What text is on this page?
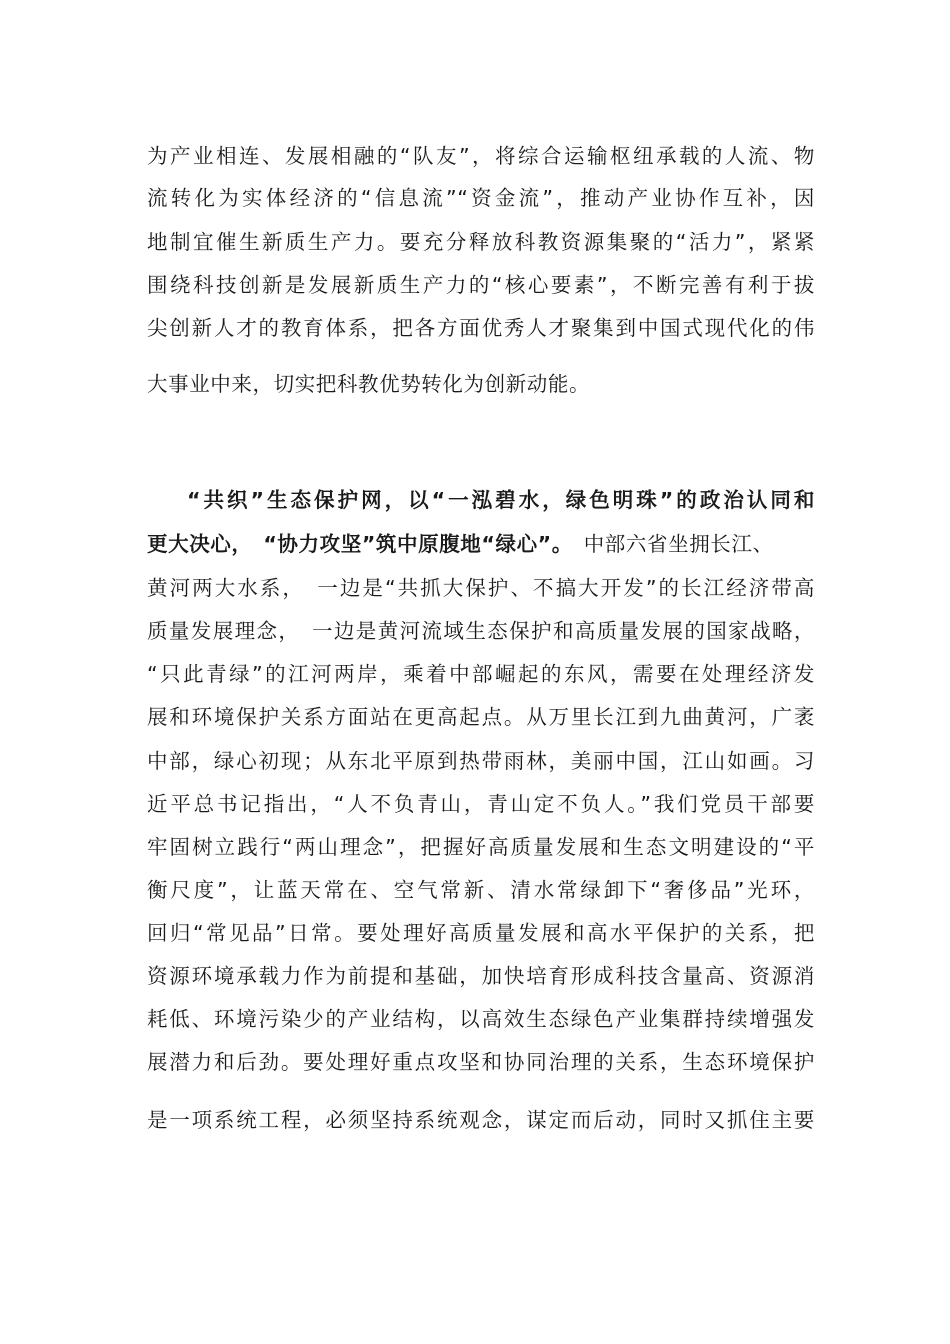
为产业相连、发展相融的“队友”，将综合运输枢纽承载的人流、物
流转化为实体经济的“信息流”“资金流”，推动产业协作互补，因
地制宜催生新质生产力。要充分释放科教资源集聚的“活力”，紧紧
围绕科技创新是发展新质生产力的“核心要素”，不断完善有利于拔
尖创新人才的教育体系，把各方面优秀人才聚集到中国式现代化的伟
大事业中来，切实把科教优势转化为创新动能。
“共织”生态保护网，以“一泓碧水，绿色明珠”的政治认同和
更大决心，　“协力攻坚”筑中原腹地“绿心”。　中部六省坐拥长江、
黄河两大水系，　一边是“共抓大保护、不搞大开发”的长江经济带高
质量发展理念，　一边是黄河流域生态保护和高质量发展的国家战略，
“只此青绿”的江河两岸，乘着中部崛起的东风，需要在处理经济发
展和环境保护关系方面站在更高起点。从万里长江到九曲黄河，广袤
中部，绿心初现；从东北平原到热带雨林，美丽中国，江山如画。习
近平总书记指出，“人不负青山，青山定不负人。”我们党员干部要
牢固树立践行“两山理念”，把握好高质量发展和生态文明建设的“平
衡尺度”，让蓝天常在、空气常新、清水常绿卸下“奢侈品”光环，
回归“常见品”日常。要处理好高质量发展和高水平保护的关系，把
资源环境承载力作为前提和基础，加快培育形成科技含量高、资源消
耗低、环境污染少的产业结构，以高效生态绿色产业集群持续增强发
展潜力和后劲。要处理好重点攻坚和协同治理的关系，生态环境保护
是一项系统工程，必须坚持系统观念，谋定而后动，同时又抓住主要
